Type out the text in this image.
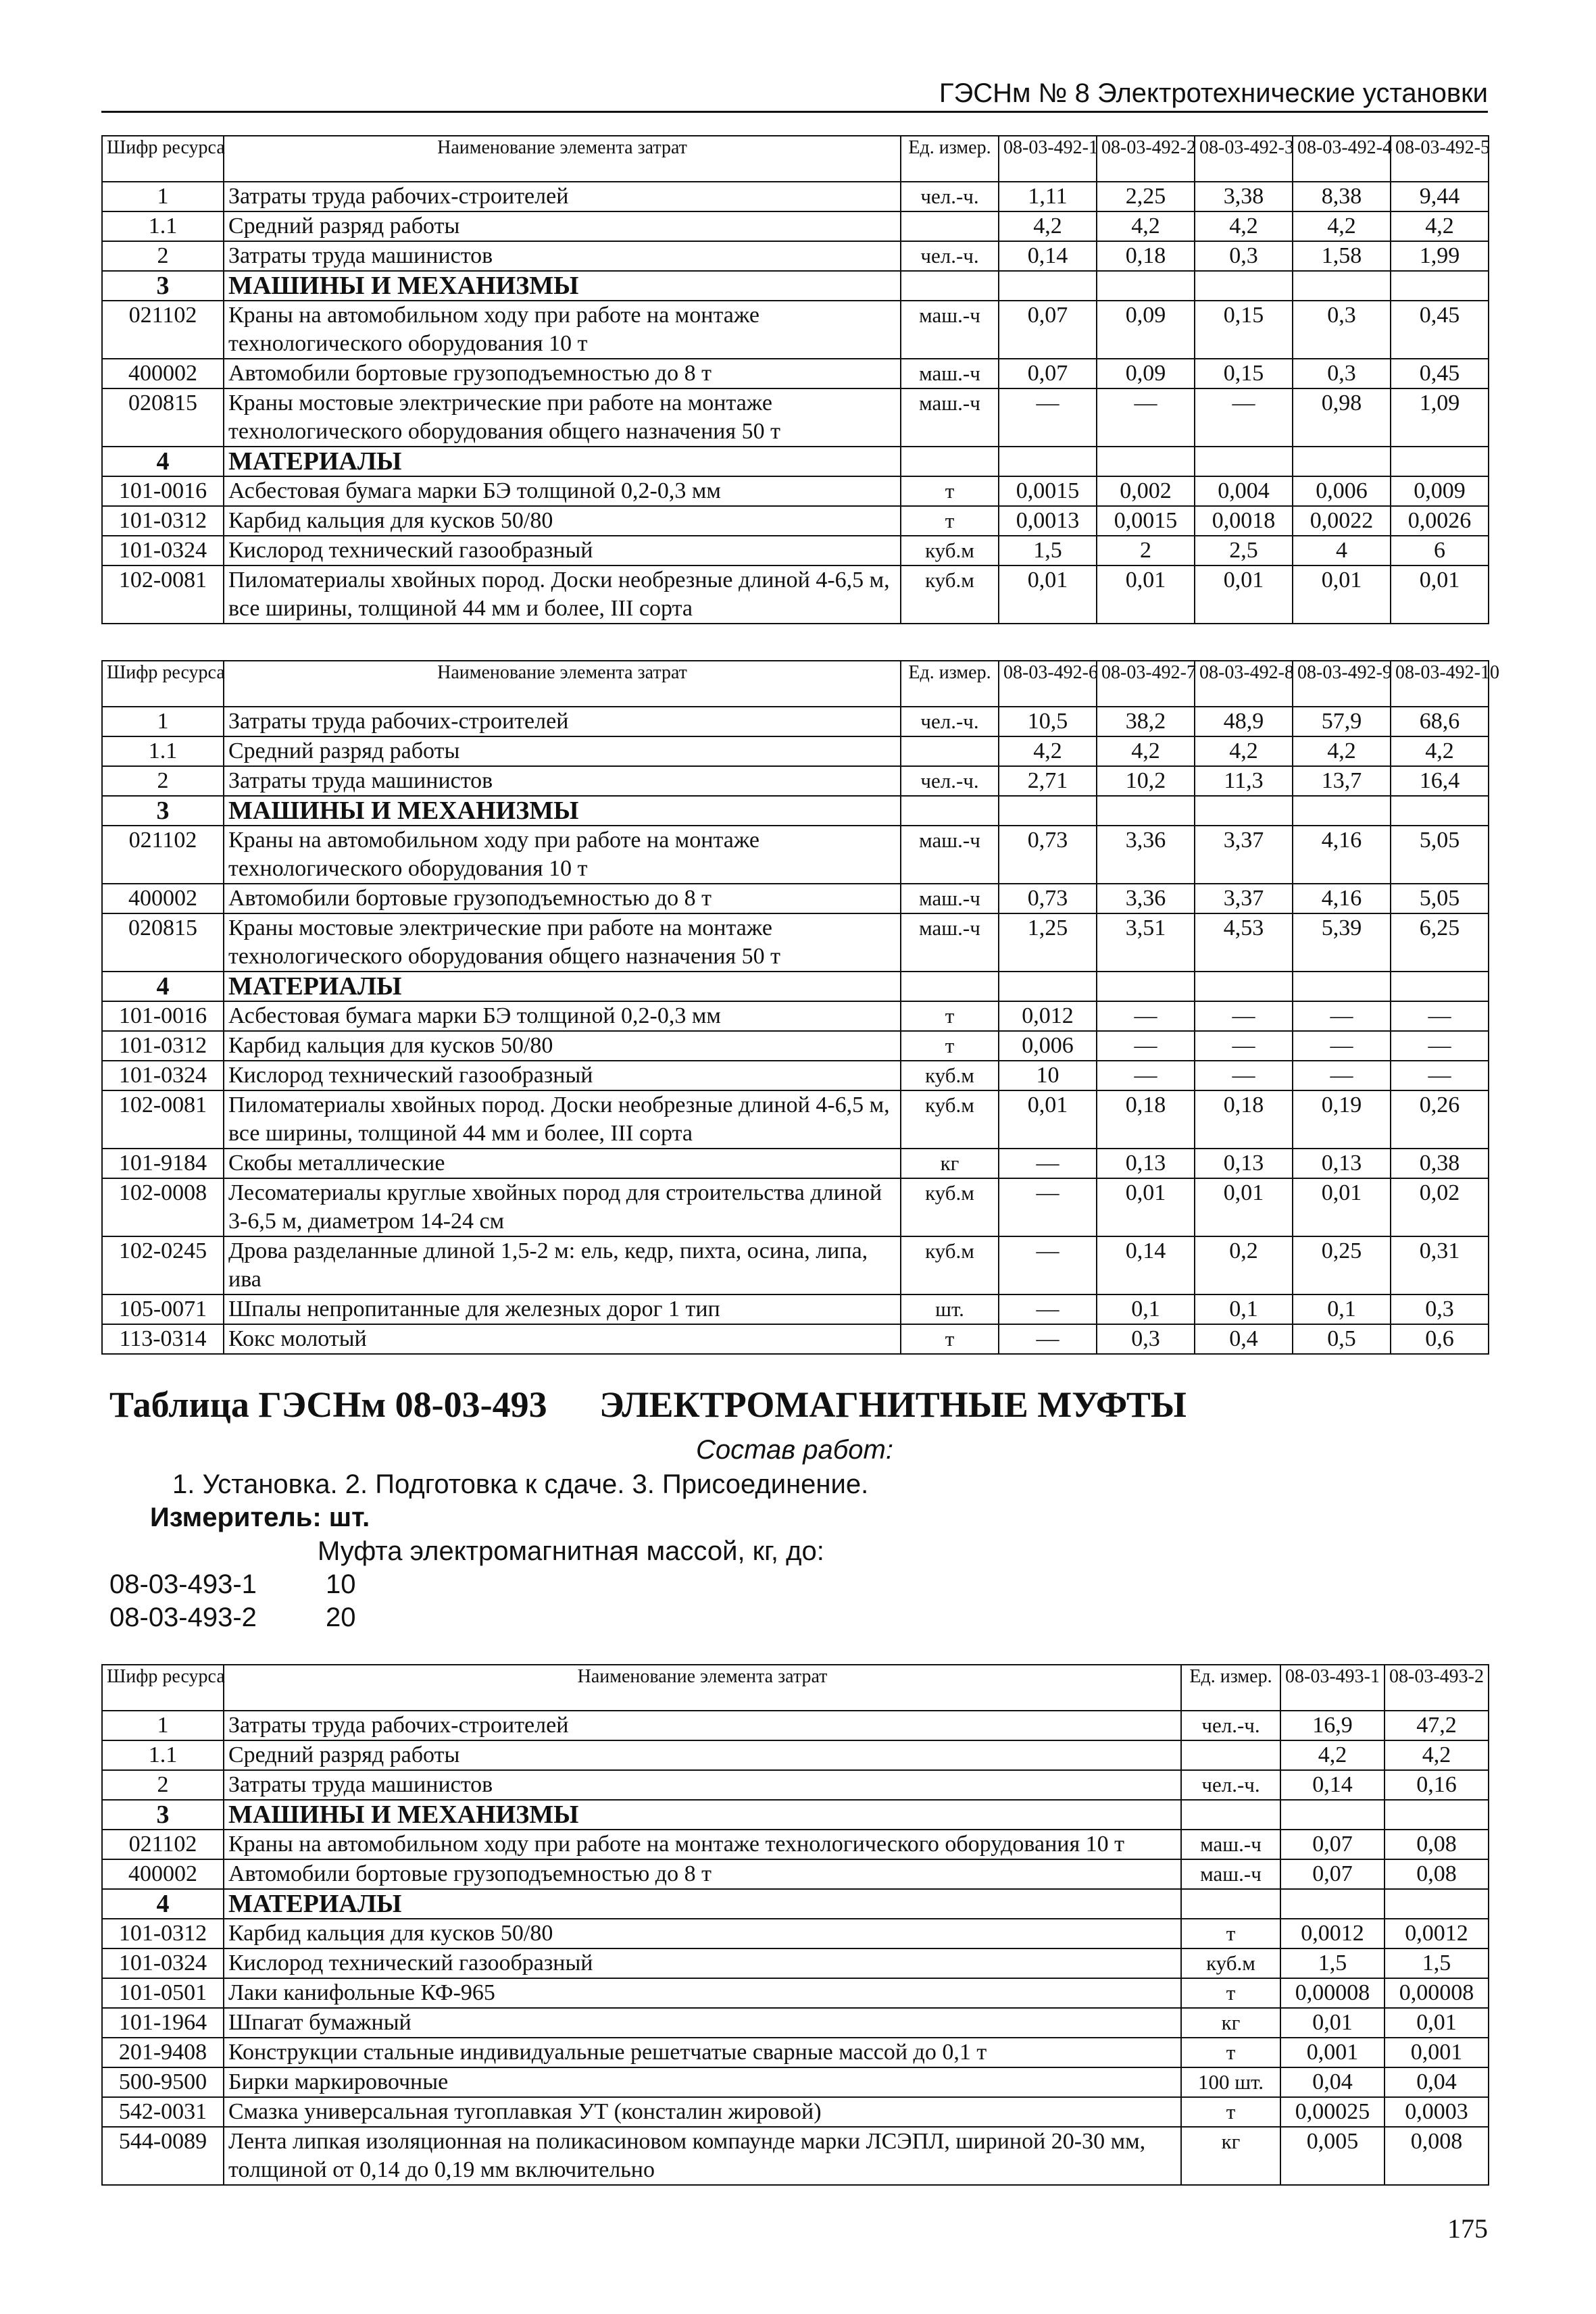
ГЭСНм № 8 Электротехнические установки
Шифр ресурса	Наименование элемента затрат	Ед. измер.	08-03-492-1	08-03-492-2	08-03-492-3	08-03-492-4	08-03-492-5
1	Затраты труда рабочих-строителей	чел.-ч.	1,11	2,25	3,38	8,38	9,44
1.1	Средний разряд работы		4,2	4,2	4,2	4,2	4,2
2	Затраты труда машинистов	чел.-ч.	0,14	0,18	0,3	1,58	1,99
3	МАШИНЫ И МЕХАНИЗМЫ						
021102	Краны на автомобильном ходу при работе на монтаже технологического оборудования 10 т	маш.-ч	0,07	0,09	0,15	0,3	0,45
400002	Автомобили бортовые грузоподъемностью до 8 т	маш.-ч	0,07	0,09	0,15	0,3	0,45
020815	Краны мостовые электрические при работе на монтаже технологического оборудования общего назначения 50 т	маш.-ч	—	—	—	0,98	1,09
4	МАТЕРИАЛЫ						
101-0016	Асбестовая бумага марки БЭ толщиной 0,2-0,3 мм	т	0,0015	0,002	0,004	0,006	0,009
101-0312	Карбид кальция для кусков 50/80	т	0,0013	0,0015	0,0018	0,0022	0,0026
101-0324	Кислород технический газообразный	куб.м	1,5	2	2,5	4	6
102-0081	Пиломатериалы хвойных пород. Доски необрезные длиной 4-6,5 м, все ширины, толщиной 44 мм и более, III сорта	куб.м	0,01	0,01	0,01	0,01	0,01
Шифр ресурса	Наименование элемента затрат	Ед. измер.	08-03-492-6	08-03-492-7	08-03-492-8	08-03-492-9	08-03-492-10
1	Затраты труда рабочих-строителей	чел.-ч.	10,5	38,2	48,9	57,9	68,6
1.1	Средний разряд работы		4,2	4,2	4,2	4,2	4,2
2	Затраты труда машинистов	чел.-ч.	2,71	10,2	11,3	13,7	16,4
3	МАШИНЫ И МЕХАНИЗМЫ						
021102	Краны на автомобильном ходу при работе на монтаже технологического оборудования 10 т	маш.-ч	0,73	3,36	3,37	4,16	5,05
400002	Автомобили бортовые грузоподъемностью до 8 т	маш.-ч	0,73	3,36	3,37	4,16	5,05
020815	Краны мостовые электрические при работе на монтаже технологического оборудования общего назначения 50 т	маш.-ч	1,25	3,51	4,53	5,39	6,25
4	МАТЕРИАЛЫ						
101-0016	Асбестовая бумага марки БЭ толщиной 0,2-0,3 мм	т	0,012	—	—	—	—
101-0312	Карбид кальция для кусков 50/80	т	0,006	—	—	—	—
101-0324	Кислород технический газообразный	куб.м	10	—	—	—	—
102-0081	Пиломатериалы хвойных пород. Доски необрезные длиной 4-6,5 м, все ширины, толщиной 44 мм и более, III сорта	куб.м	0,01	0,18	0,18	0,19	0,26
101-9184	Скобы металлические	кг	—	0,13	0,13	0,13	0,38
102-0008	Лесоматериалы круглые хвойных пород для строительства длиной 3-6,5 м, диаметром 14-24 см	куб.м	—	0,01	0,01	0,01	0,02
102-0245	Дрова разделанные длиной 1,5-2 м: ель, кедр, пихта, осина, липа, ива	куб.м	—	0,14	0,2	0,25	0,31
105-0071	Шпалы непропитанные для железных дорог 1 тип	шт.	—	0,1	0,1	0,1	0,3
113-0314	Кокс молотый	т	—	0,3	0,4	0,5	0,6
Таблица ГЭСНм 08-03-493 ЭЛЕКТРОМАГНИТНЫЕ МУФТЫ
Состав работ:
1. Установка. 2. Подготовка к сдаче. 3. Присоединение.
Измеритель: шт.
Муфта электромагнитная массой, кг, до:
08-03-493-1	10
08-03-493-2	20
Шифр ресурса	Наименование элемента затрат	Ед. измер.	08-03-493-1	08-03-493-2
1	Затраты труда рабочих-строителей	чел.-ч.	16,9	47,2
1.1	Средний разряд работы		4,2	4,2
2	Затраты труда машинистов	чел.-ч.	0,14	0,16
3	МАШИНЫ И МЕХАНИЗМЫ			
021102	Краны на автомобильном ходу при работе на монтаже технологического оборудования 10 т	маш.-ч	0,07	0,08
400002	Автомобили бортовые грузоподъемностью до 8 т	маш.-ч	0,07	0,08
4	МАТЕРИАЛЫ			
101-0312	Карбид кальция для кусков 50/80	т	0,0012	0,0012
101-0324	Кислород технический газообразный	куб.м	1,5	1,5
101-0501	Лаки канифольные КФ-965	т	0,00008	0,00008
101-1964	Шпагат бумажный	кг	0,01	0,01
201-9408	Конструкции стальные индивидуальные решетчатые сварные массой до 0,1 т	т	0,001	0,001
500-9500	Бирки маркировочные	100 шт.	0,04	0,04
542-0031	Смазка универсальная тугоплавкая УТ (консталин жировой)	т	0,00025	0,0003
544-0089	Лента липкая изоляционная на поликасиновом компаунде марки ЛСЭПЛ, шириной 20-30 мм, толщиной от 0,14 до 0,19 мм включительно	кг	0,005	0,008
175
